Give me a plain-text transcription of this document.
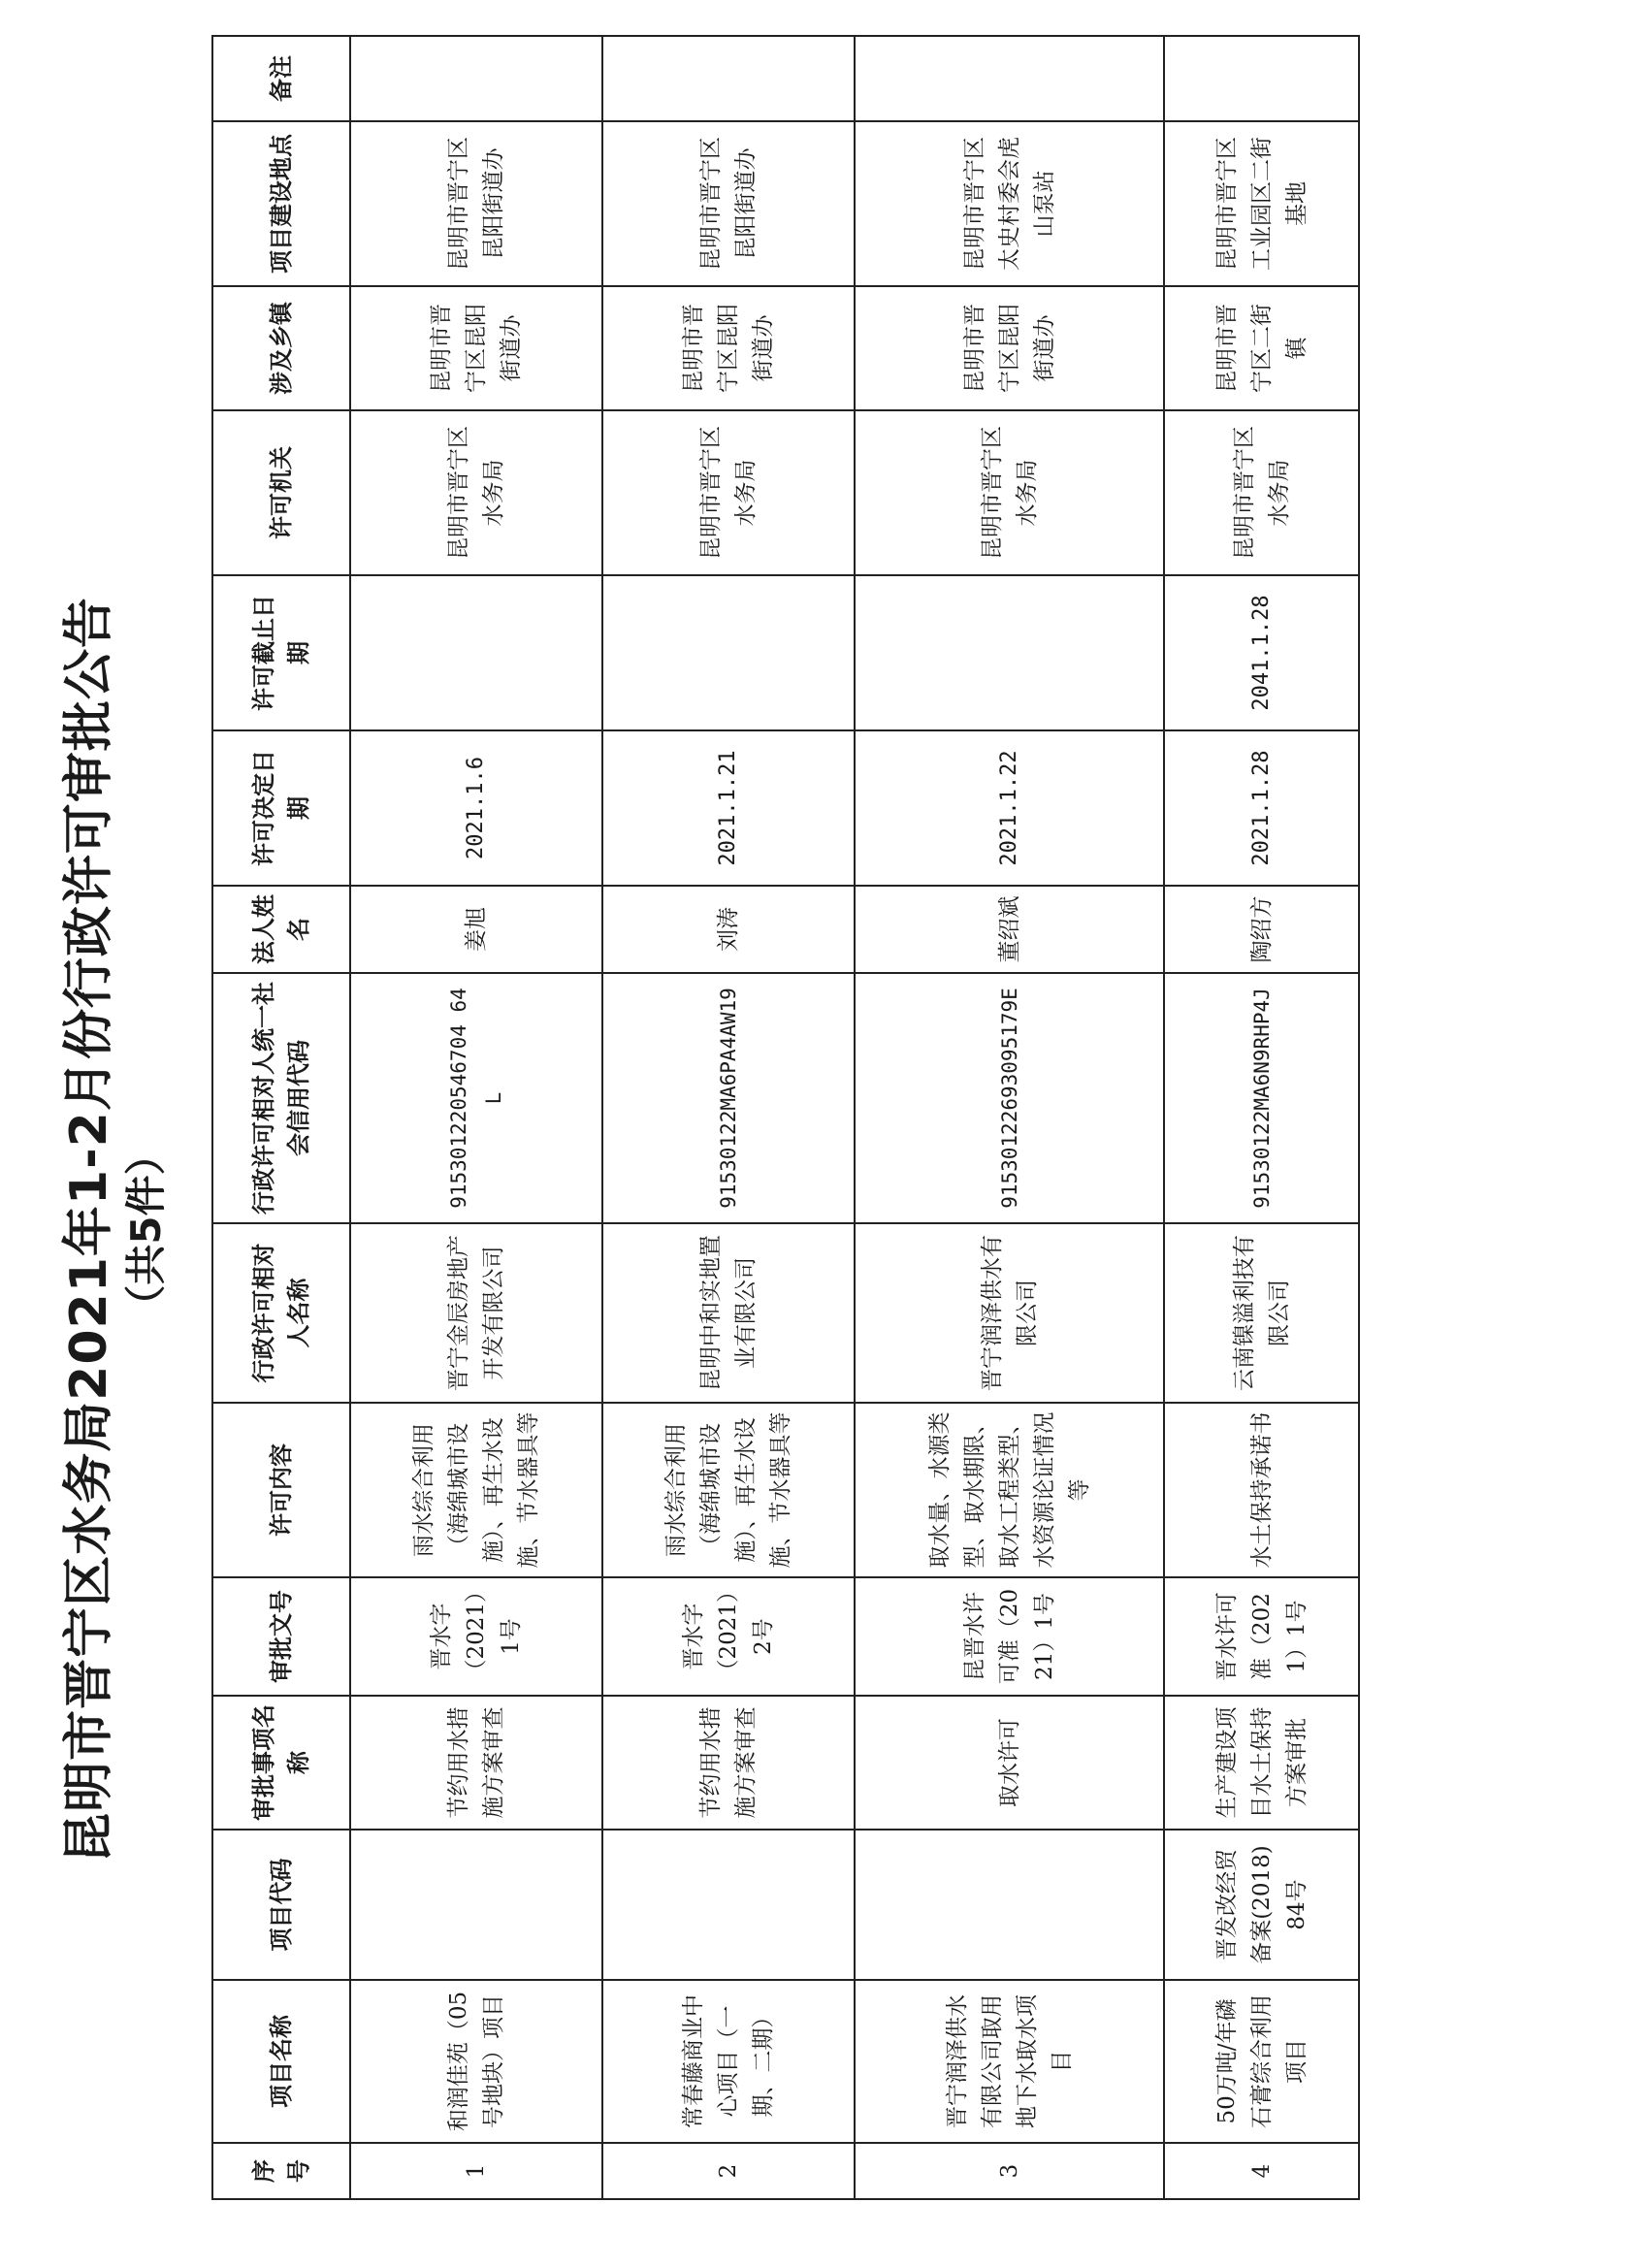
昆明市晋宁区水务局2021年1-2月份行政许可审批公告 （共5件）
序号	项目名称	项目代码	审批事项名称	审批文号	许可内容	行政许可相对人名称	行政许可相对人统一社会信用代码	法人姓名	许可决定日期	许可截止日期	许可机关	涉及乡镇	项目建设地点	备注
1	和润佳苑（05号地块）项目		节约用水措施方案审查	晋水字（2021）1号	雨水综合利用（海绵城市设施）、再生水设施、节水器具等	晋宁金辰房地产开发有限公司	915301220546704 64L	姜旭	2021.1.6		昆明市晋宁区水务局	昆明市晋宁区昆阳街道办	昆明市晋宁区昆阳街道办	
2	常春藤商业中心项目（一期、二期）		节约用水措施方案审查	晋水字（2021）2号	雨水综合利用（海绵城市设施）、再生水设施、节水器具等	昆明中和实地置业有限公司	91530122MA6PA4AW19	刘涛	2021.1.21		昆明市晋宁区水务局	昆明市晋宁区昆阳街道办	昆明市晋宁区昆阳街道办	
3	晋宁润泽供水有限公司取用地下水取水项目		取水许可	昆晋水许可准（2021）1号	取水量、水源类型、取水期限、取水工程类型、水资源论证情况等	晋宁润泽供水有限公司	91530122693095179E	董绍斌	2021.1.22		昆明市晋宁区水务局	昆明市晋宁区昆阳街道办	昆明市晋宁区太史村委会虎山泵站	
4	50万吨/年磷石膏综合利用项目	晋发改经贸备案(2018)84号	生产建设项目水土保持方案审批	晋水许可准（2021）1号	水土保持承诺书	云南镍溢利技有限公司	91530122MA6N9RHP4J	陶绍方	2021.1.28	2041.1.28	昆明市晋宁区水务局	昆明市晋宁区二街镇	昆明市晋宁区工业园区二街基地	
